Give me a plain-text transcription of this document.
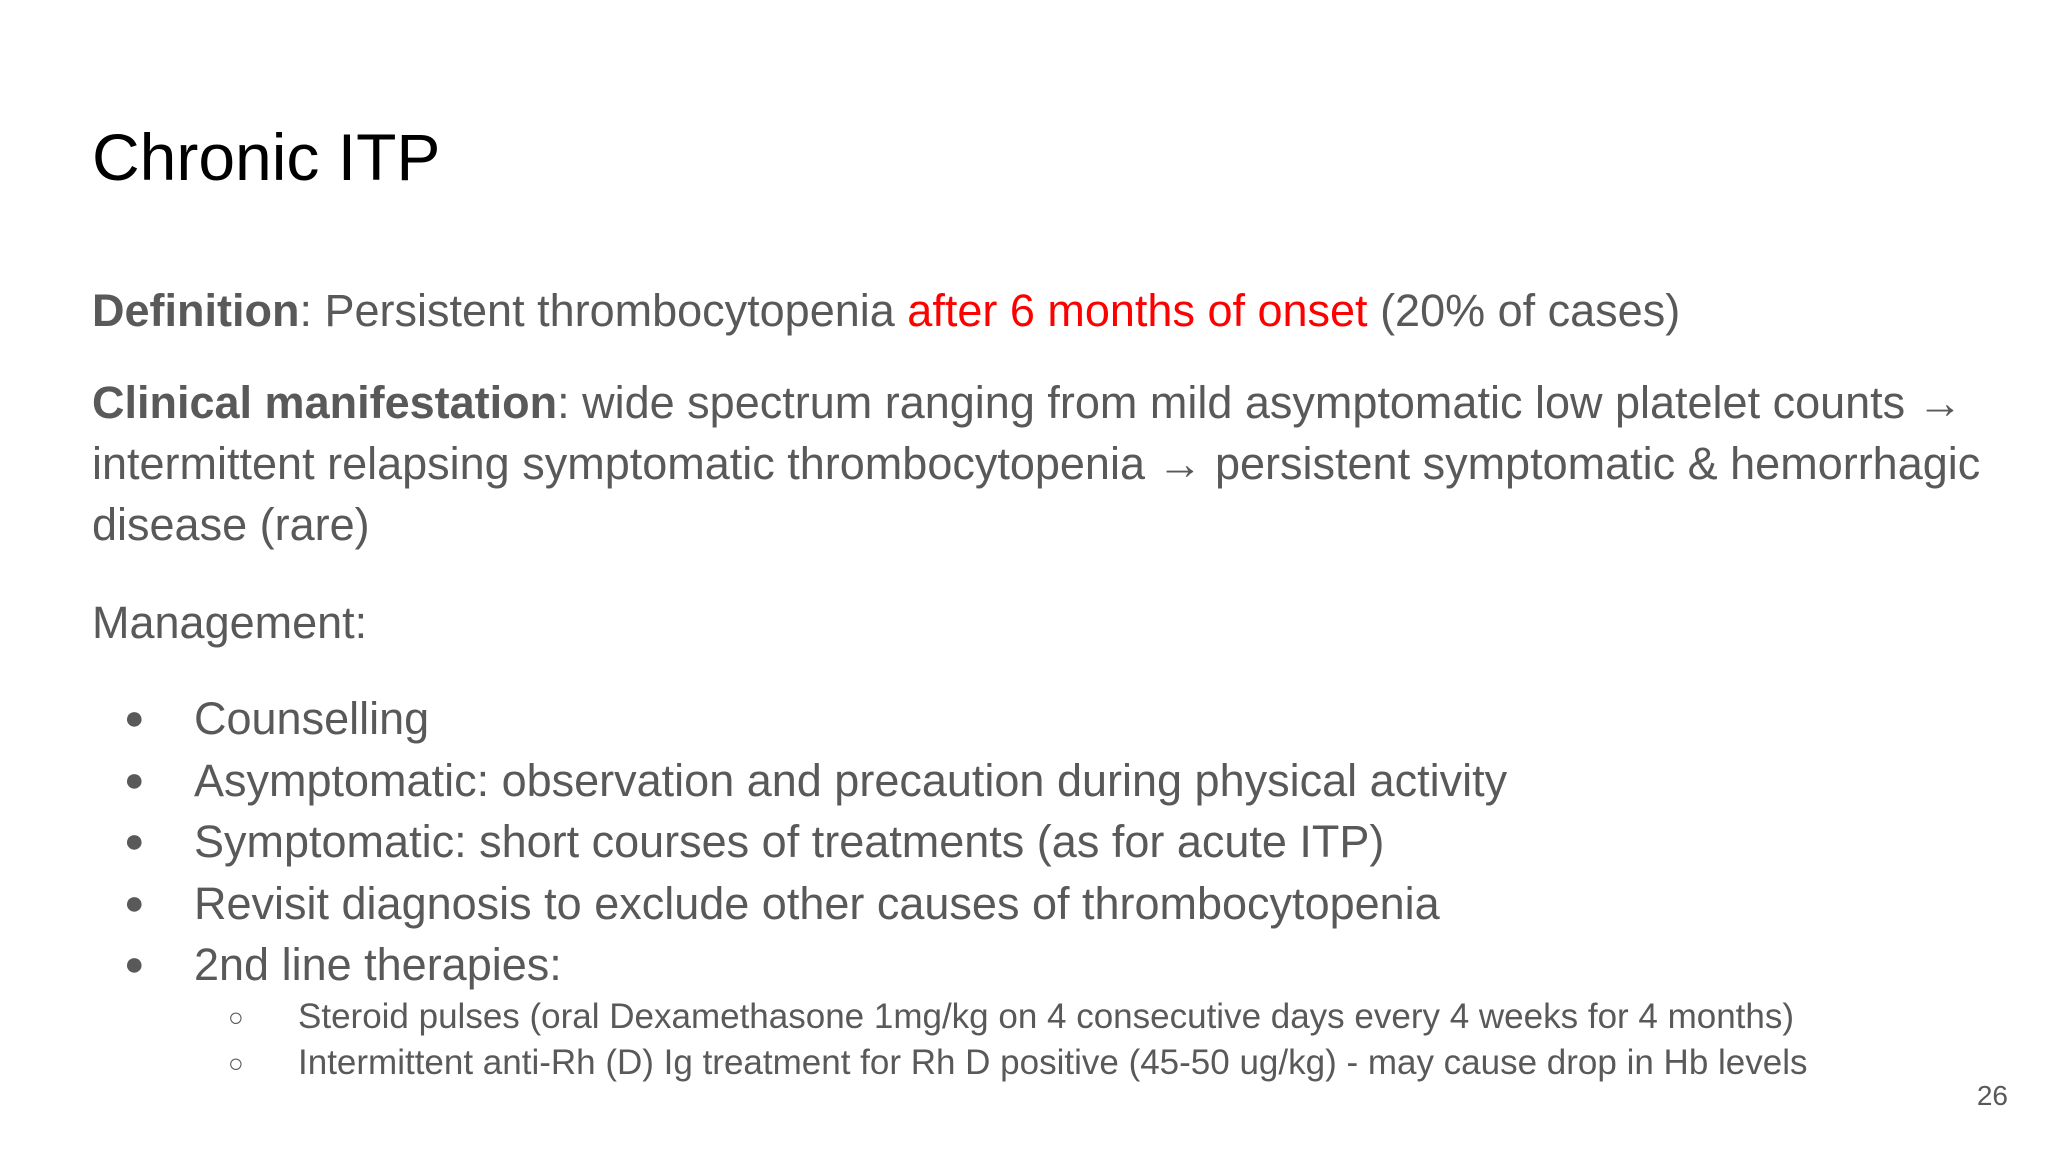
Chronic ITP
Definition: Persistent thrombocytopenia after 6 months of onset (20% of cases)
Clinical manifestation: wide spectrum ranging from mild asymptomatic low platelet counts → intermittent relapsing symptomatic thrombocytopenia → persistent symptomatic & hemorrhagic disease (rare)
Management:
● Counselling
● Asymptomatic: observation and precaution during physical activity
● Symptomatic: short courses of treatments (as for acute ITP)
● Revisit diagnosis to exclude other causes of thrombocytopenia
● 2nd line therapies:
○ Steroid pulses (oral Dexamethasone 1mg/kg on 4 consecutive days every 4 weeks for 4 months)
○ Intermittent anti-Rh (D) Ig treatment for Rh D positive (45-50 ug/kg) - may cause drop in Hb levels
26
